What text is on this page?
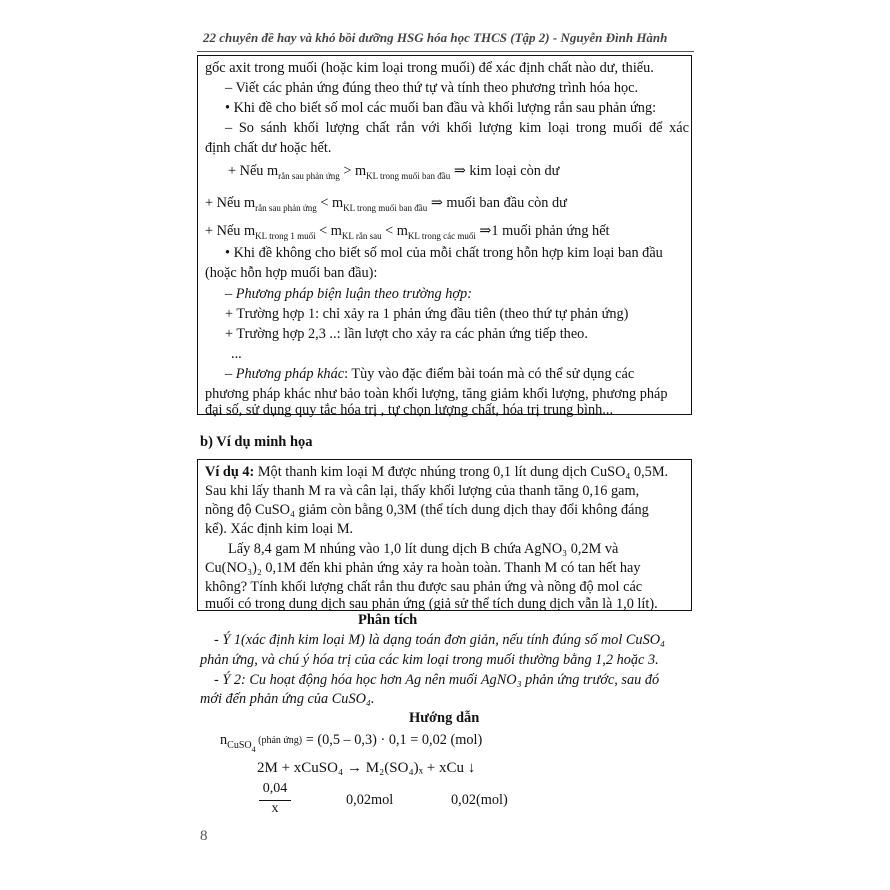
22 chuyên đề hay và khó bồi dưỡng HSG hóa học THCS (Tập 2) - Nguyễn Đình Hành
gốc axit trong muối (hoặc kim loại trong muối) để xác định chất nào dư, thiếu.
– Viết các phản ứng đúng theo thứ tự và tính theo phương trình hóa học.
• Khi đề cho biết số mol các muối ban đầu và khối lượng rắn sau phản ứng:
– So sánh khối lượng chất rắn với khối lượng kim loại trong muối để xác
định chất dư hoặc hết.
+ Nếu $m_{rắn sau phản ứng} > m_{KL trong muối ban đầu}$ ⇒ kim loại còn dư
+ Nếu $m_{rắn sau phản ứng} < m_{KL trong muối ban đầu}$ ⇒ muối ban đầu còn dư
+ Nếu $m_{KL trong 1 muối} < m_{KL rắn sau} < m_{KL trong các muối}$ ⇒1 muối phản ứng hết
• Khi đề không cho biết số mol của mỗi chất trong hỗn hợp kim loại ban đầu
(hoặc hỗn hợp muối ban đầu):
– Phương pháp biện luận theo trường hợp:
+ Trường hợp 1: chỉ xảy ra 1 phản ứng đầu tiên (theo thứ tự phản ứng)
+ Trường hợp 2,3 ..: lần lượt cho xảy ra các phản ứng tiếp theo.
...
– Phương pháp khác: Tùy vào đặc điểm bài toán mà có thể sử dụng các
phương pháp khác như bảo toàn khối lượng, tăng giảm khối lượng, phương pháp
đại số, sử dụng quy tắc hóa trị , tự chọn lượng chất, hóa trị trung bình...
b) Ví dụ minh họa
Ví dụ 4: Một thanh kim loại M được nhúng trong 0,1 lít dung dịch CuSO₄ 0,5M.
Sau khi lấy thanh M ra và cân lại, thấy khối lượng của thanh tăng 0,16 gam,
nồng độ CuSO₄ giảm còn bằng 0,3M (thể tích dung dịch thay đổi không đáng
kể). Xác định kim loại M.
Lấy 8,4 gam M nhúng vào 1,0 lít dung dịch B chứa AgNO₃ 0,2M và
Cu(NO₃)₂ 0,1M đến khi phản ứng xảy ra hoàn toàn. Thanh M có tan hết hay
không? Tính khối lượng chất rắn thu được sau phản ứng và nồng độ mol các
muối có trong dung dịch sau phản ứng (giả sử thể tích dung dịch vẫn là 1,0 lít).
Phân tích
- Ý 1(xác định kim loại M) là dạng toán đơn giản, nếu tính đúng số mol CuSO₄
phản ứng, và chú ý hóa trị của các kim loại trong muối thường bằng 1,2 hoặc 3.
- Ý 2: Cu hoạt động hóa học hơn Ag nên muối AgNO₃ phản ứng trước, sau đó
mới đến phản ứng của CuSO₄.
Hướng dẫn
$n_{CuSO4}$ (phản ứng) = (0,5 – 0,3) · 0,1 = 0,02 (mol)
2M + xCuSO₄ → M₂(SO₄)ₓ + xCu ↓
0,04
x
0,02mol	0,02(mol)
8
